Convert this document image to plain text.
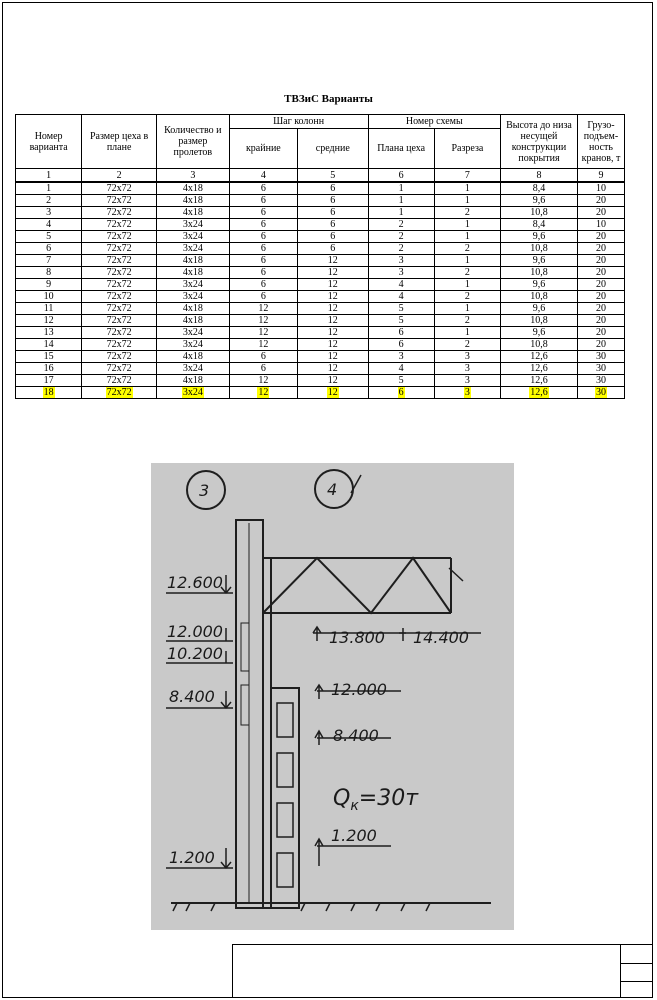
ТВЗиС Варианты
Номер варианта	Размер цеха в плане	Количество и размер пролетов	Шаг колонн		Номер схемы		Высота до низа несущей конструкции покрытия	Грузо-подъем-ность кранов, т
			крайние	средние	Плана цеха	Разреза		
1	2	3	4	5	6	7	8	9
1	72х72	4х18	6	6	1	1	8,4	10
2	72х72	4х18	6	6	1	1	9,6	20
3	72х72	4х18	6	6	1	2	10,8	20
4	72х72	3х24	6	6	2	1	8,4	10
5	72х72	3х24	6	6	2	1	9,6	20
6	72х72	3х24	6	6	2	2	10,8	20
7	72х72	4х18	6	12	3	1	9,6	20
8	72х72	4х18	6	12	3	2	10,8	20
9	72х72	3х24	6	12	4	1	9,6	20
10	72х72	3х24	6	12	4	2	10,8	20
11	72х72	4х18	12	12	5	1	9,6	20
12	72х72	4х18	12	12	5	2	10,8	20
13	72х72	3х24	12	12	6	1	9,6	20
14	72х72	3х24	12	12	6	2	10,8	20
15	72х72	4х18	6	12	3	3	12,6	30
16	72х72	3х24	6	12	4	3	12,6	30
17	72х72	4х18	12	12	5	3	12,6	30
18	72х72	3х24	12	12	6	3	12,6	30
3	4
12.600
12.000
10.200
8.400
1.200
13.800 14.400
12.000
8.400
1.200
$Q_к=30т$
